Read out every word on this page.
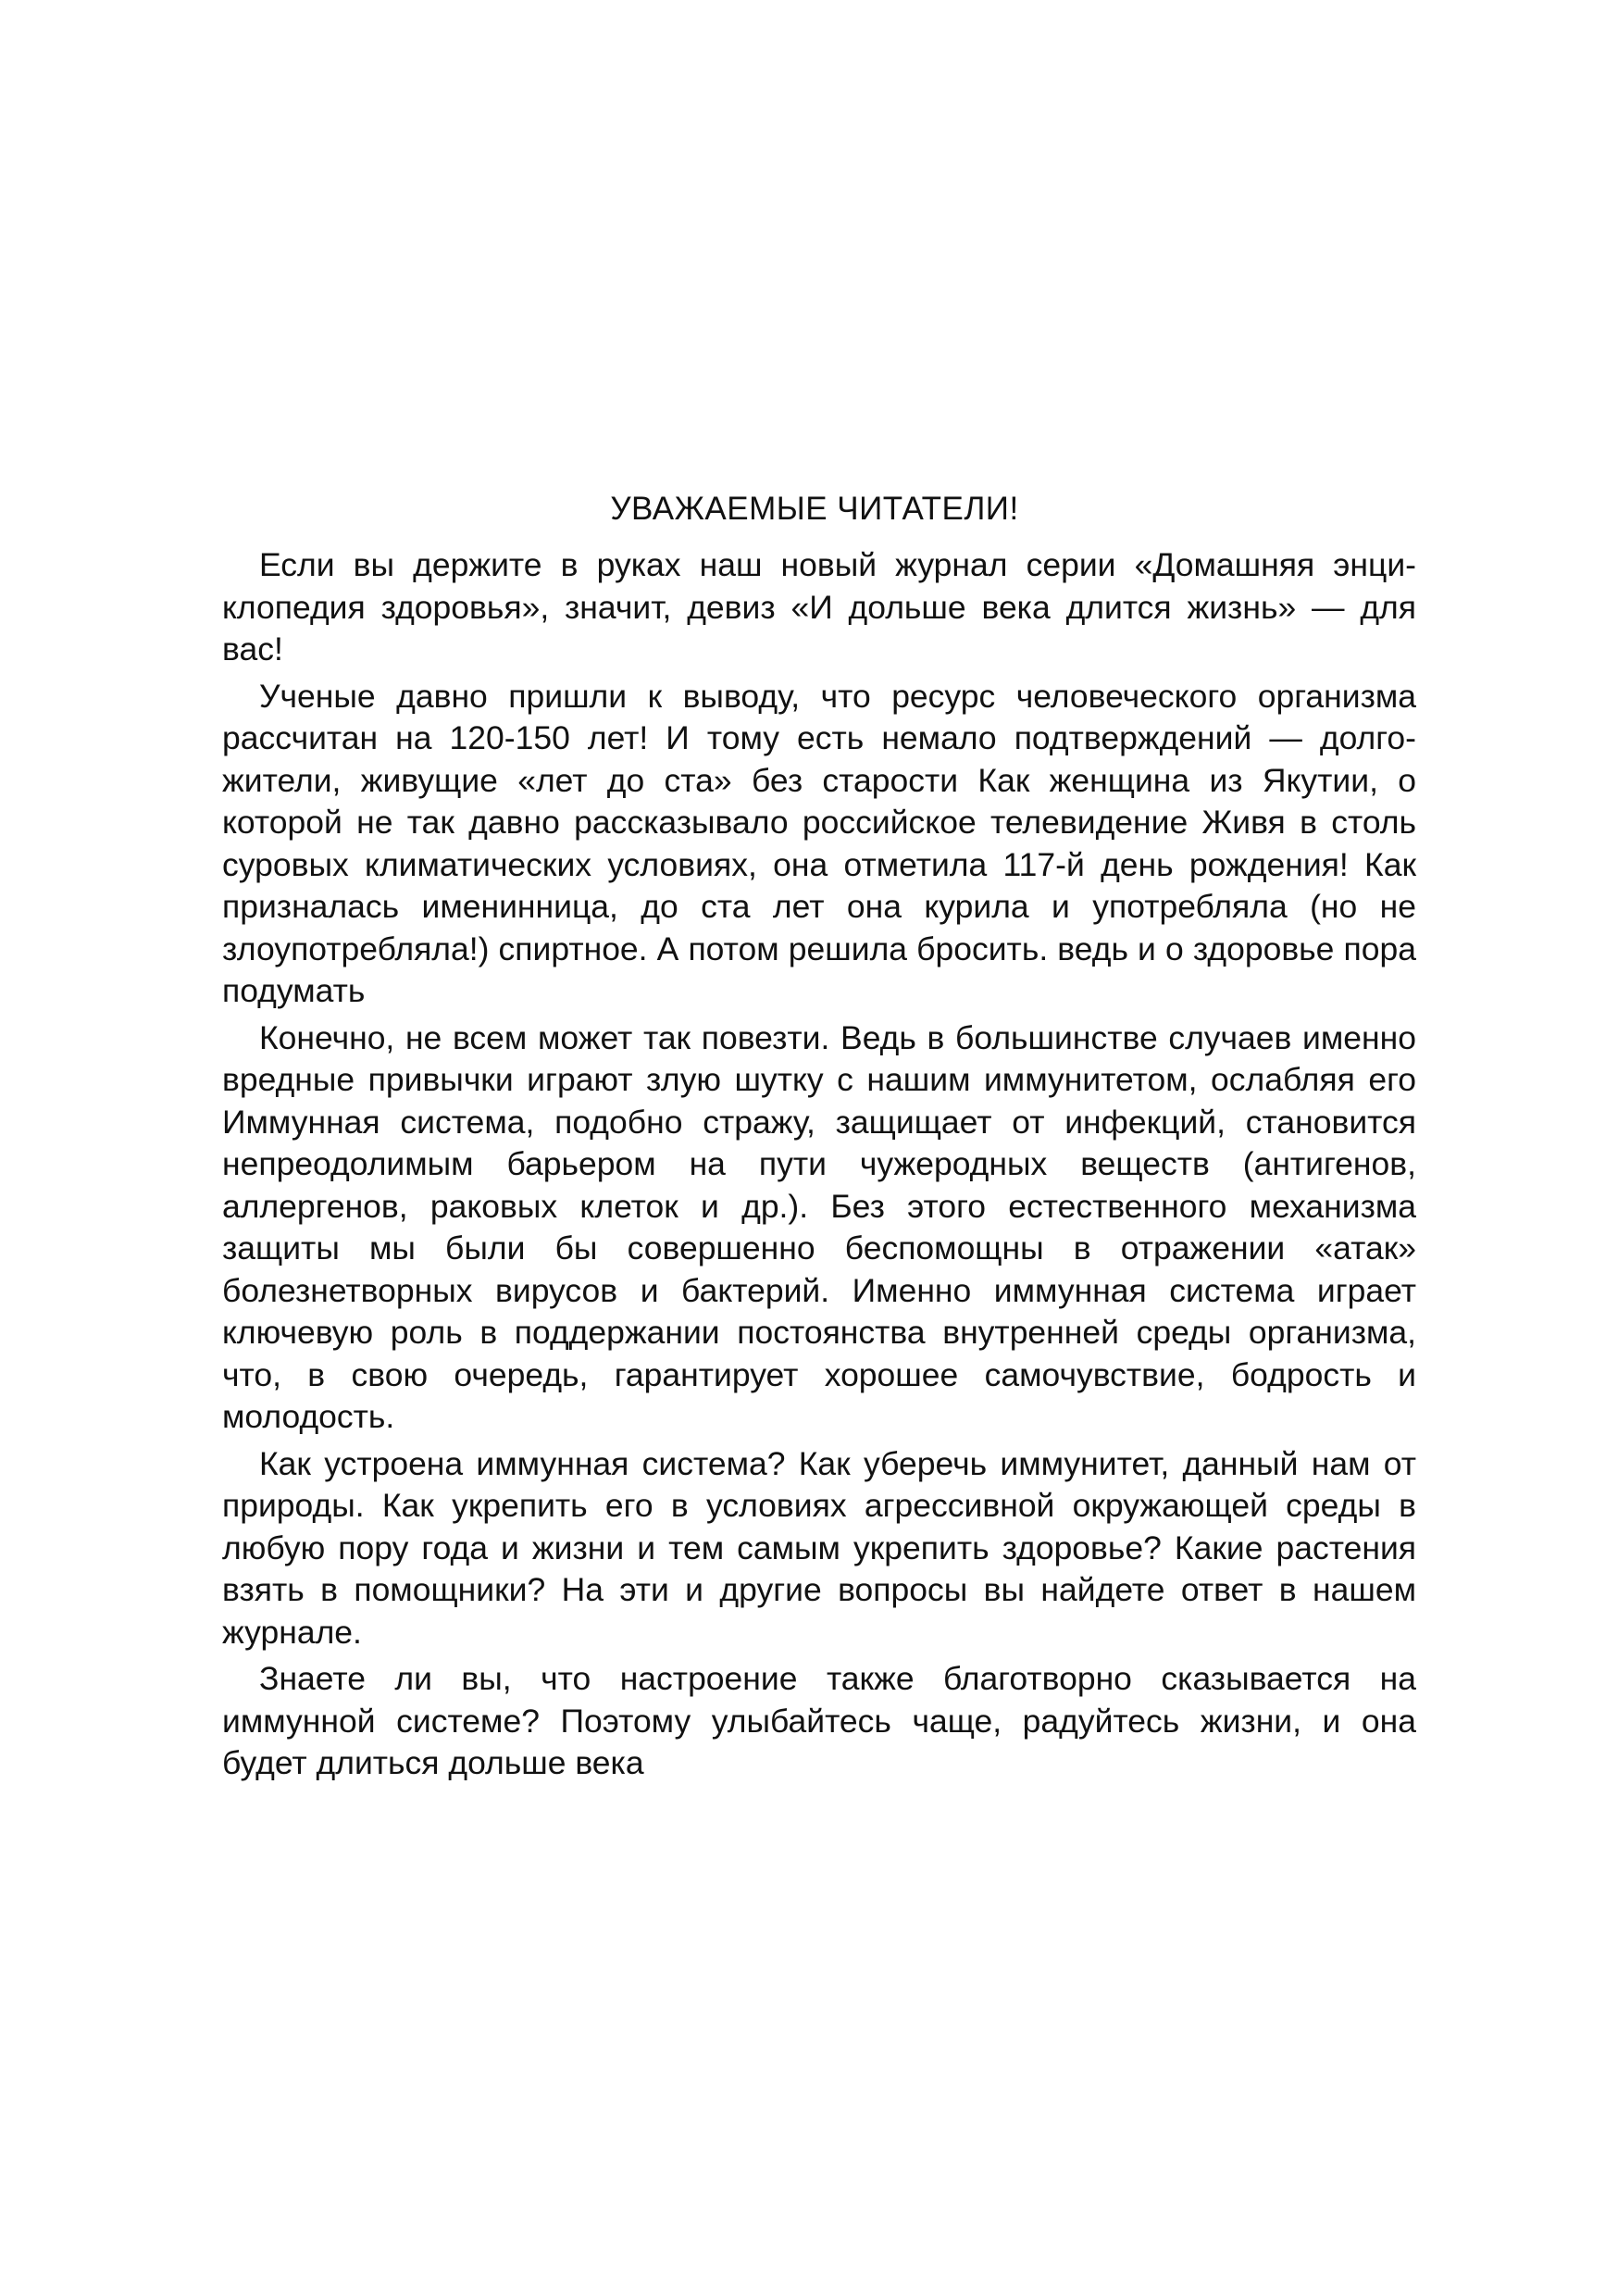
УВАЖАЕМЫЕ ЧИТАТЕЛИ!

Если вы держите в руках наш новый журнал серии «Домашняя энциклопедия здоровья», значит, девиз «И дольше века длится жизнь» — для вас!

Ученые давно пришли к выводу, что ресурс человеческого организма рассчитан на 120-150 лет! И тому есть немало подтверждений — долгожители, живущие «лет до ста» без старости Как женщина из Якутии, о которой не так давно рассказывало российское телевидение Живя в столь суровых климатических условиях, она отметила 117-й день рождения! Как призналась именинница, до ста лет она курила и употребляла (но не злоупотребляла!) спиртное. А потом решила бросить. ведь и о здоровье пора подумать

Конечно, не всем может так повезти. Ведь в большинстве случаев именно вредные привычки играют злую шутку с нашим иммунитетом, ослабляя его Иммунная система, подобно стражу, защищает от инфекций, становится непреодолимым барьером на пути чужеродных веществ (антигенов, аллергенов, раковых клеток и др.). Без этого естественного механизма защиты мы были бы совершенно беспомощны в отражении «атак» болезнетворных вирусов и бактерий. Именно иммунная система играет ключевую роль в поддержании постоянства внутренней среды организма, что, в свою очередь, гарантирует хорошее самочувствие, бодрость и молодость.

Как устроена иммунная система? Как уберечь иммунитет, данный нам от природы. Как укрепить его в условиях агрессивной окружающей среды в любую пору года и жизни и тем самым укрепить здоровье? Какие растения взять в помощники? На эти и другие вопросы вы найдете ответ в нашем журнале.

Знаете ли вы, что настроение также благотворно сказывается на иммунной системе? Поэтому улыбайтесь чаще, радуйтесь жизни, и она будет длиться дольше века
